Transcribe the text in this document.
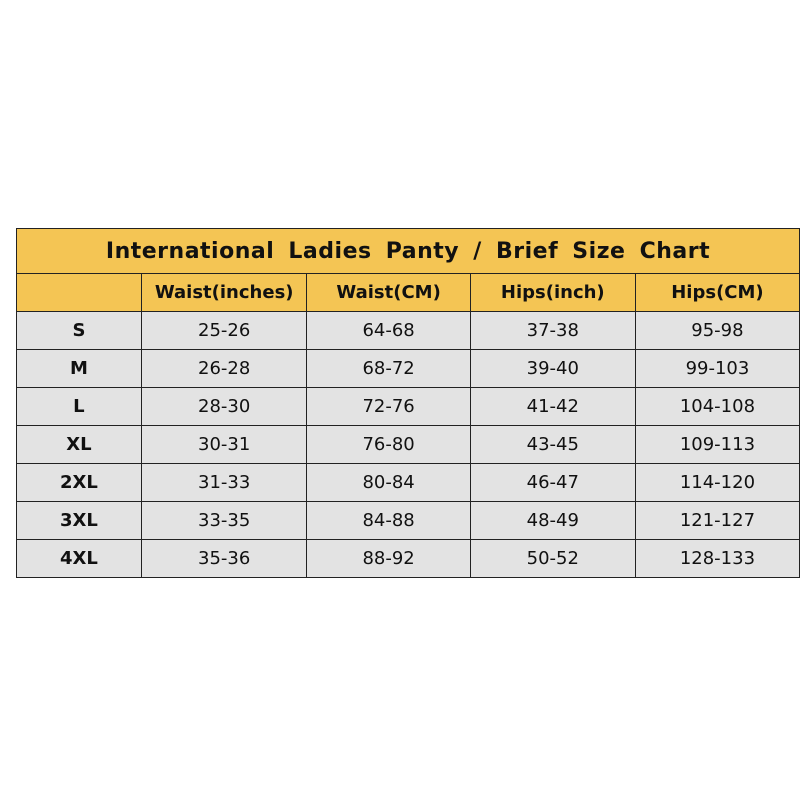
International Ladies Panty / Brief Size Chart				
	Waist(inches)	Waist(CM)	Hips(inch)	Hips(CM)
S	25-26	64-68	37-38	95-98
M	26-28	68-72	39-40	99-103
L	28-30	72-76	41-42	104-108
XL	30-31	76-80	43-45	109-113
2XL	31-33	80-84	46-47	114-120
3XL	33-35	84-88	48-49	121-127
4XL	35-36	88-92	50-52	128-133
